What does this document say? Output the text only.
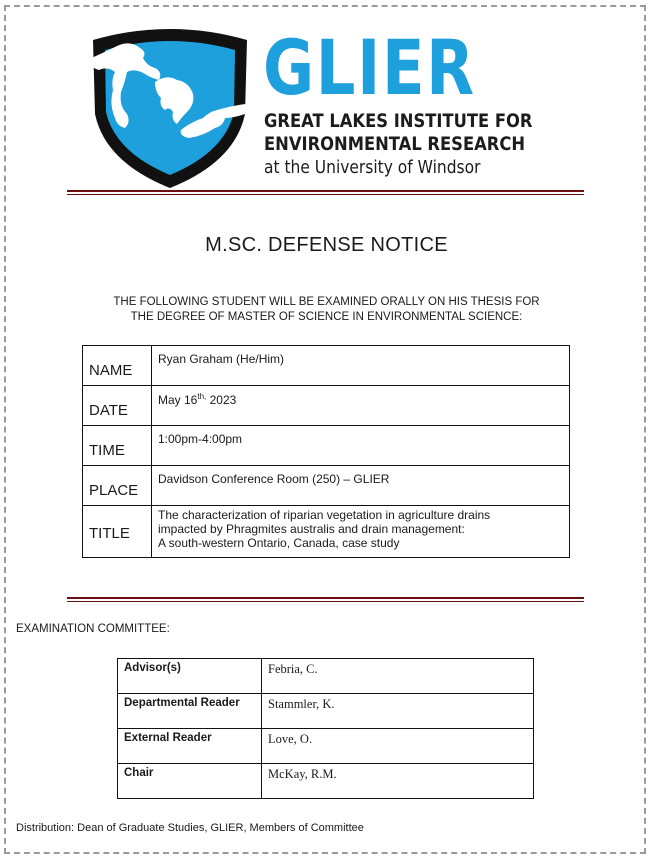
GLIER
GREAT LAKES INSTITUTE FOR
ENVIRONMENTAL RESEARCH
at the University of Windsor
M.SC. DEFENSE NOTICE
THE FOLLOWING STUDENT WILL BE EXAMINED ORALLY ON HIS THESIS FOR
THE DEGREE OF MASTER OF SCIENCE IN ENVIRONMENTAL SCIENCE:
NAME	Ryan Graham (He/Him)
DATE	May $16^{th,}$ 2023
TIME	1:00pm-4:00pm
PLACE	Davidson Conference Room (250) – GLIER
TITLE	The characterization of riparian vegetation in agriculture drains
impacted by Phragmites australis and drain management:
A south-western Ontario, Canada, case study
EXAMINATION COMMITTEE:
Advisor(s)	Febria, C.
Departmental Reader	Stammler, K.
External Reader	Love, O.
Chair	McKay, R.M.
Distribution: Dean of Graduate Studies, GLIER, Members of Committee
